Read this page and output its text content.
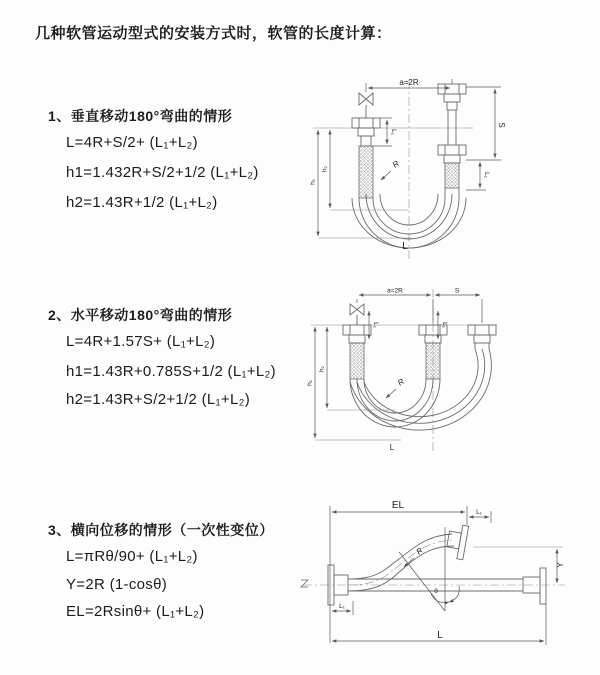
几种软管运动型式的安装方式时，软管的长度计算：
1、垂直移动180°弯曲的情形
L=4R+S/2+ (L₁+L₂)
h1=1.432R+S/2+1/2 (L₁+L₂)
h2=1.43R+1/2 (L₁+L₂)
2、水平移动180°弯曲的情形
L=4R+1.57S+ (L₁+L₂)
h1=1.43R+0.785S+1/2 (L₁+L₂)
h2=1.43R+S/2+1/2 (L₁+L₂)
3、横向位移的情形（一次性变位）
L=πRθ/90+ (L₁+L₂)
Y=2R (1-cosθ)
EL=2Rsinθ+ (L₁+L₂)
a=2R
S
L₁
L₁
h₁
h₂	R
L
a=2R	S
L₁	L₁
h₁
h₂
R
L
EL
L₁
Y
θ
R
L₁
L
